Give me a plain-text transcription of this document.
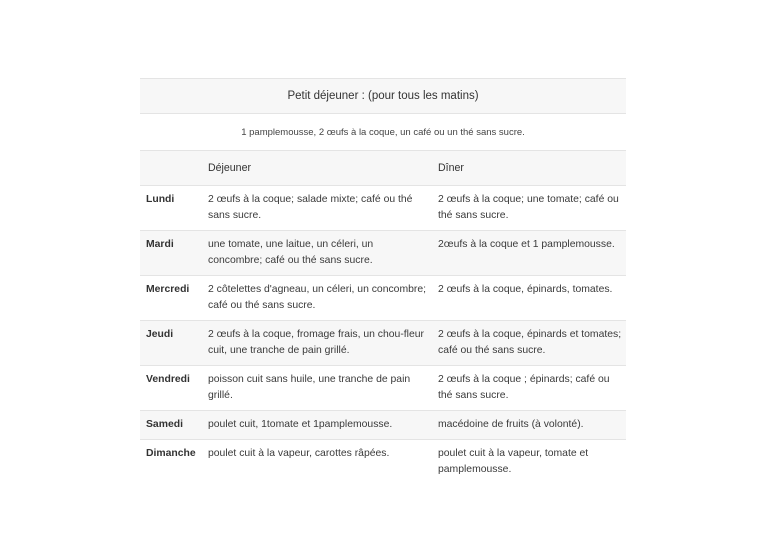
Petit déjeuner : (pour tous les matins)
1 pamplemousse, 2 œufs à la coque, un café ou un thé sans sucre.
	Déjeuner	Dîner
Lundi	2 œufs à la coque; salade mixte; café ou thé sans sucre.	2 œufs à la coque; une tomate; café ou thé sans sucre.
Mardi	une tomate, une laitue, un céleri, un concombre; café ou thé sans sucre.	2œufs à la coque et 1 pamplemousse.
Mercredi	2 côtelettes d'agneau, un céleri, un concombre; café ou thé sans sucre.	2 œufs à la coque, épinards, tomates.
Jeudi	2 œufs à la coque, fromage frais, un chou-fleur cuit, une tranche de pain grillé.	2 œufs à la coque, épinards et tomates; café ou thé sans sucre.
Vendredi	poisson cuit sans huile, une tranche de pain grillé.	2 œufs à la coque ; épinards; café ou thé sans sucre.
Samedi	poulet cuit, 1tomate et 1pamplemousse.	macédoine de fruits (à volonté).
Dimanche	poulet cuit à la vapeur, carottes râpées.	poulet cuit à la vapeur, tomate et pamplemousse.
